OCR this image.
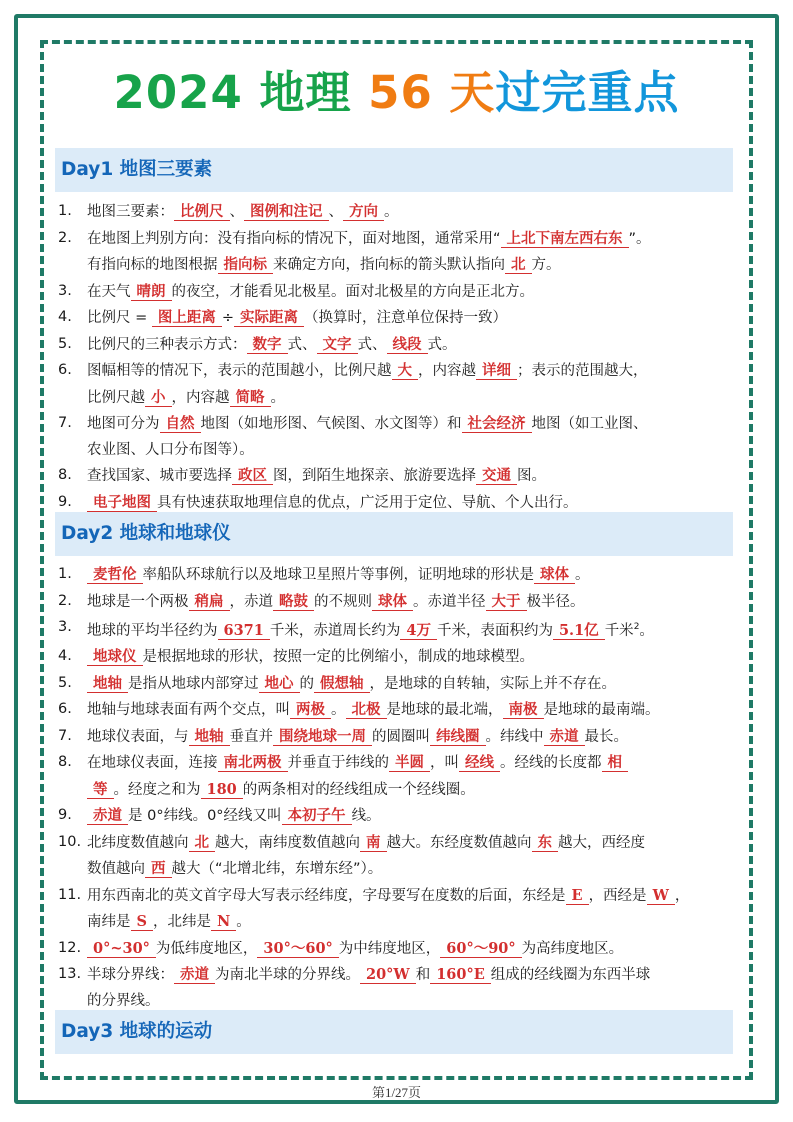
2024 地理 56 天过完重点
Day1 地图三要素
1. 地图三要素： 比例尺 、 图例和注记 、 方向 。
2. 在地图上判别方向：没有指向标的情况下，面对地图，通常采用“ 上北下南左西右东 ”。
有指向标的地图根据 指向标 来确定方向，指向标的箭头默认指向 北 方。
3. 在天气 晴朗 的夜空，才能看见北极星。面对北极星的方向是正北方。
4. 比例尺 = 图上距离 ÷ 实际距离 （换算时，注意单位保持一致）
5. 比例尺的三种表示方式： 数字 式、 文字 式、 线段 式。
6. 图幅相等的情况下，表示的范围越小，比例尺越 大 ，内容越 详细 ；表示的范围越大，
比例尺越 小 ，内容越 简略 。
7. 地图可分为 自然 地图（如地形图、气候图、水文图等）和 社会经济 地图（如工业图、
农业图、人口分布图等）。
8. 查找国家、城市要选择 政区 图，到陌生地探亲、旅游要选择 交通 图。
9. 电子地图 具有快速获取地理信息的优点，广泛用于定位、导航、个人出行。
Day2 地球和地球仪
1. 麦哲伦 率船队环球航行以及地球卫星照片等事例，证明地球的形状是 球体 。
2. 地球是一个两极 稍扁 ，赤道 略鼓 的不规则 球体 。赤道半径 大于 极半径。
3. 地球的平均半径约为 6371 千米，赤道周长约为 4万 千米，表面积约为 5.1亿 千米$^2$。
4. 地球仪 是根据地球的形状，按照一定的比例缩小，制成的地球模型。
5. 地轴 是指从地球内部穿过 地心 的 假想轴 ，是地球的自转轴，实际上并不存在。
6. 地轴与地球表面有两个交点，叫 两极 。 北极 是地球的最北端， 南极 是地球的最南端。
7. 地球仪表面，与 地轴 垂直并 围绕地球一周 的圆圈叫 纬线圈 。纬线中 赤道 最长。
8. 在地球仪表面，连接 南北两极 并垂直于纬线的 半圆 ，叫 经线 。经线的长度都 相
等 。经度之和为 180 的两条相对的经线组成一个经线圈。
9. 赤道 是 0°纬线。0°经线又叫 本初子午 线。
10. 北纬度数值越向 北 越大，南纬度数值越向 南 越大。东经度数值越向 东 越大，西经度
数值越向 西 越大（“北增北纬，东增东经”）。
11. 用东西南北的英文首字母大写表示经纬度，字母要写在度数的后面，东经是 E ，西经是 W ，
南纬是 S ，北纬是 N 。
12. 0°~30° 为低纬度地区， 30°～60° 为中纬度地区， 60°～90° 为高纬度地区。
13. 半球分界线： 赤道 为南北半球的分界线。 20°W 和 160°E 组成的经线圈为东西半球
的分界线。
Day3 地球的运动
第1/27页
